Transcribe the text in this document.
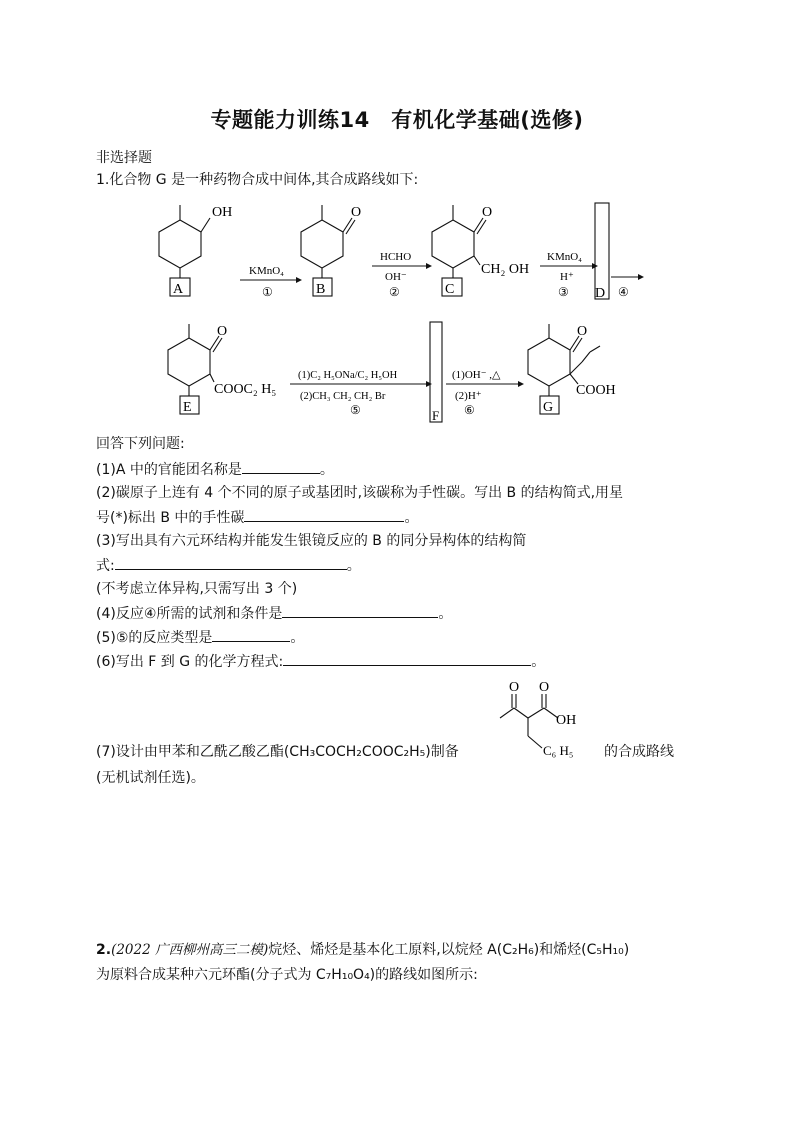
专题能力训练14　有机化学基础(选修)
非选择题
1.化合物 G 是一种药物合成中间体,其合成路线如下:
OH	O	O
CH₂ OH
O
COOC₂ H₅
O
COOH
A	B	C	D
E
F
G
KMnO₄
①
HCHO
OH⁻
②
KMnO₄
H⁺
③	④
(1)C₂ H₅ONa/C₂ H₅OH
(2)CH₃ CH₂ CH₂ Br
⑤
(1)OH⁻ ,△
(2)H⁺
⑥
回答下列问题:
(1)A 中的官能团名称是	。
(2)碳原子上连有 4 个不同的原子或基团时,该碳称为手性碳。写出 B 的结构简式,用星
号(*)标出 B 中的手性碳	。
(3)写出具有六元环结构并能发生银镜反应的 B 的同分异构体的结构简
式:	。
(不考虑立体异构,只需写出 3 个)
(4)反应④所需的试剂和条件是	。
(5)⑤的反应类型是	。
(6)写出 F 到 G 的化学方程式:	。
O O
OH
C₆ H₅
(7)设计由甲苯和乙酰乙酸乙酯(CH₃COCH₂COOC₂H₅)制备	的合成路线
(无机试剂任选)。
2.(2022 广西柳州高三二模)烷烃、烯烃是基本化工原料,以烷烃 A(C₂H₆)和烯烃(C₅H₁₀)
为原料合成某种六元环酯(分子式为 C₇H₁₀O₄)的路线如图所示:
